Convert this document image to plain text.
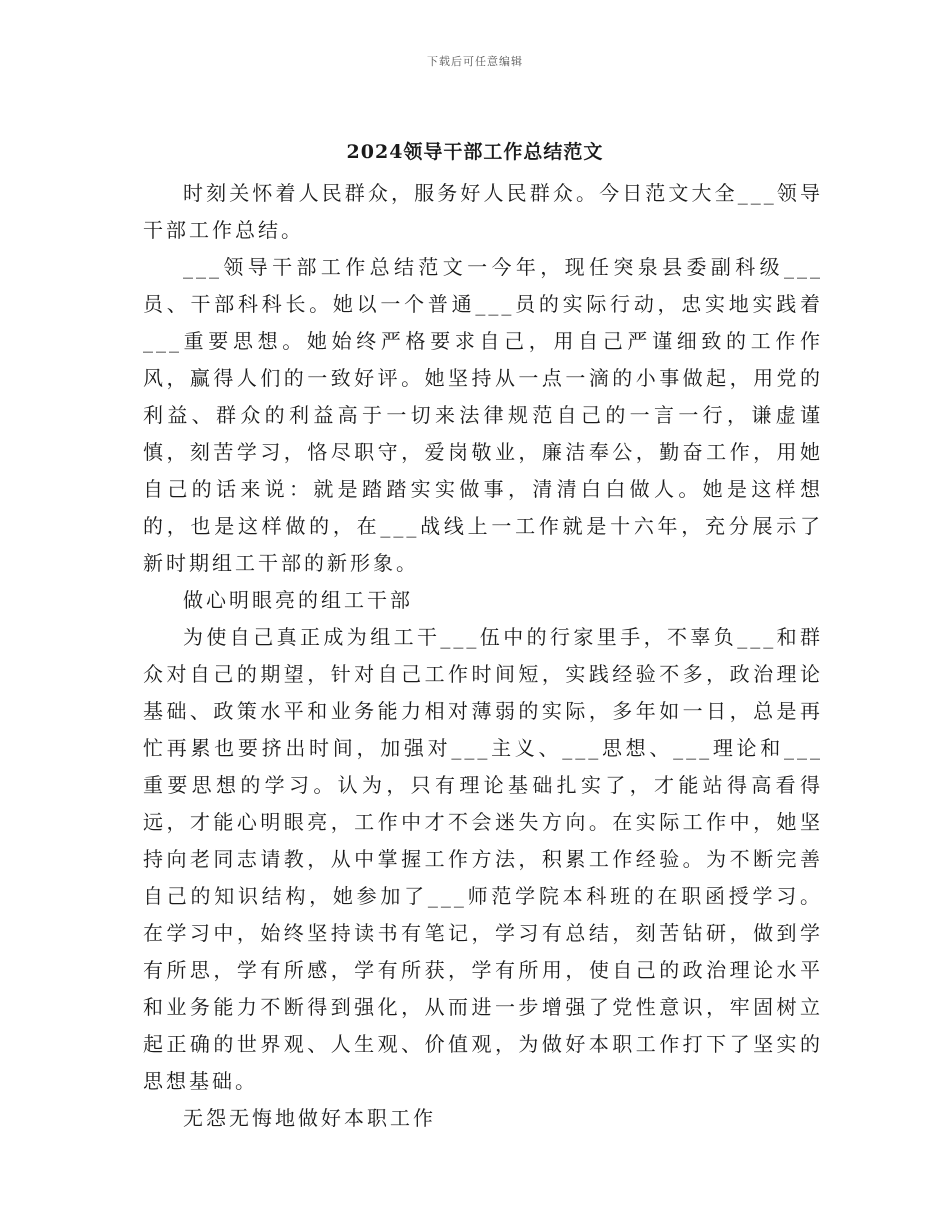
下载后可任意编辑
2024领导干部工作总结范文

时刻关怀着人民群众，服务好人民群众。今日范文大全___领导干部工作总结。

___领导干部工作总结范文一今年，现任突泉县委副科级___员、干部科科长。她以一个普通___员的实际行动，忠实地实践着___重要思想。她始终严格要求自己，用自己严谨细致的工作作风，赢得人们的一致好评。她坚持从一点一滴的小事做起，用党的利益、群众的利益高于一切来法律规范自己的一言一行，谦虚谨慎，刻苦学习，恪尽职守，爱岗敬业，廉洁奉公，勤奋工作，用她自己的话来说：就是踏踏实实做事，清清白白做人。她是这样想的，也是这样做的，在___战线上一工作就是十六年，充分展示了新时期组工干部的新形象。

做心明眼亮的组工干部

为使自己真正成为组工干___伍中的行家里手，不辜负___和群众对自己的期望，针对自己工作时间短，实践经验不多，政治理论基础、政策水平和业务能力相对薄弱的实际，多年如一日，总是再忙再累也要挤出时间，加强对___主义、___思想、___理论和___重要思想的学习。认为，只有理论基础扎实了，才能站得高看得远，才能心明眼亮，工作中才不会迷失方向。在实际工作中，她坚持向老同志请教，从中掌握工作方法，积累工作经验。为不断完善自己的知识结构，她参加了___师范学院本科班的在职函授学习。在学习中，始终坚持读书有笔记，学习有总结，刻苦钻研，做到学有所思，学有所感，学有所获，学有所用，使自己的政治理论水平和业务能力不断得到强化，从而进一步增强了党性意识，牢固树立起正确的世界观、人生观、价值观，为做好本职工作打下了坚实的思想基础。

无怨无悔地做好本职工作
